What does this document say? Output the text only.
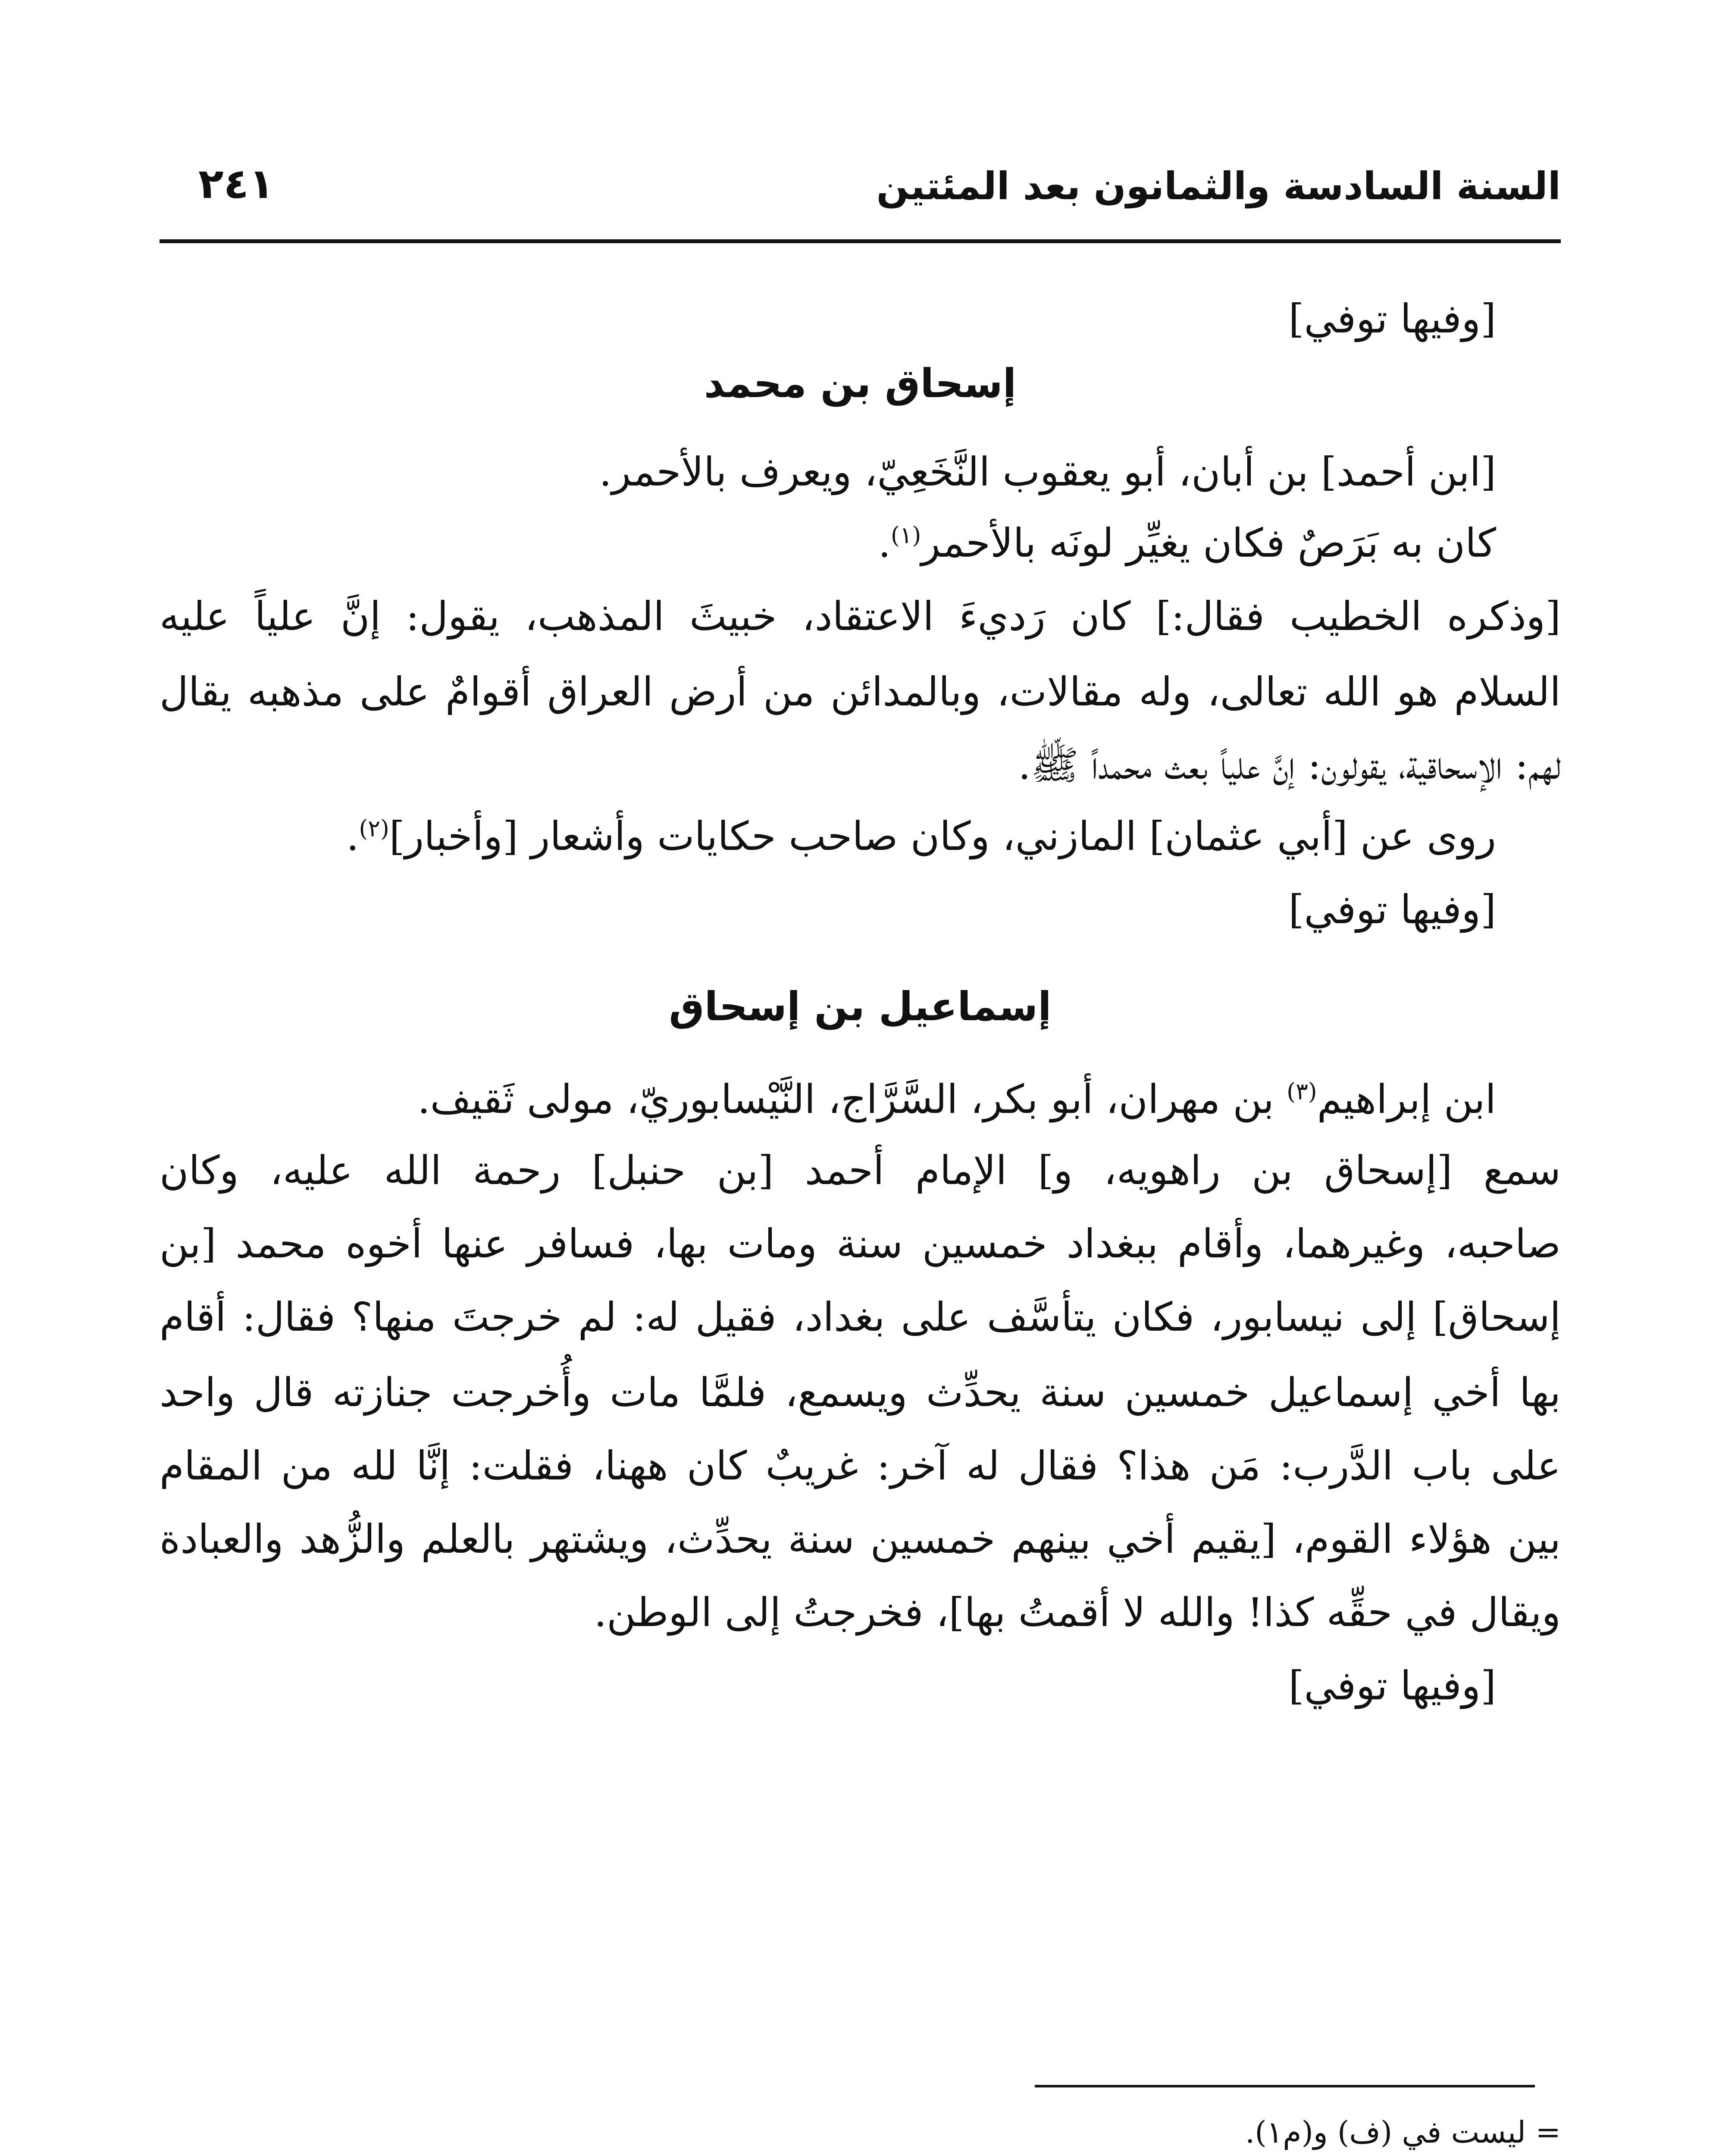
السنة السادسة والثمانون بعد المئتين
٢٤١
[وفيها توفي]
إسحاق بن محمد
[ابن أحمد] بن أبان، أبو يعقوب النَّخَعِيّ، ويعرف بالأحمر.
كان به بَرَصٌ فكان يغيِّر لونَه بالأحمر$^{(١)}$.
[وذكره الخطيب فقال:] كان رَديءَ الاعتقاد، خبيثَ المذهب، يقول: إنَّ علياً عليه
السلام هو الله تعالى، وله مقالات، وبالمدائن من أرض العراق أقوامٌ على مذهبه يقال
لهم: الإسحاقية، يقولون: إنَّ علياً بعث محمداً ﷺ.
روى عن [أبي عثمان] المازني، وكان صاحب حكايات وأشعار [وأخبار]$^{(٢)}$.
[وفيها توفي]
إسماعيل بن إسحاق
ابن إبراهيم$^{(٣)}$ بن مهران، أبو بكر، السَّرَّاج، النَّيْسابوريّ، مولى ثَقيف.
سمع [إسحاق بن راهويه، و] الإمام أحمد [بن حنبل] رحمة الله عليه، وكان
صاحبه، وغيرهما، وأقام ببغداد خمسين سنة ومات بها، فسافر عنها أخوه محمد [بن
إسحاق] إلى نيسابور، فكان يتأسَّف على بغداد، فقيل له: لم خرجتَ منها؟ فقال: أقام
بها أخي إسماعيل خمسين سنة يحدِّث ويسمع، فلمَّا مات وأُخرجت جنازته قال واحد
على باب الدَّرب: مَن هذا؟ فقال له آخر: غريبٌ كان ههنا، فقلت: إنَّا لله من المقام
بين هؤلاء القوم، [يقيم أخي بينهم خمسين سنة يحدِّث، ويشتهر بالعلم والزُّهد والعبادة
ويقال في حقِّه كذا! والله لا أقمتُ بها]، فخرجتُ إلى الوطن.
[وفيها توفي]
= ليست في (ف) و(م١).
